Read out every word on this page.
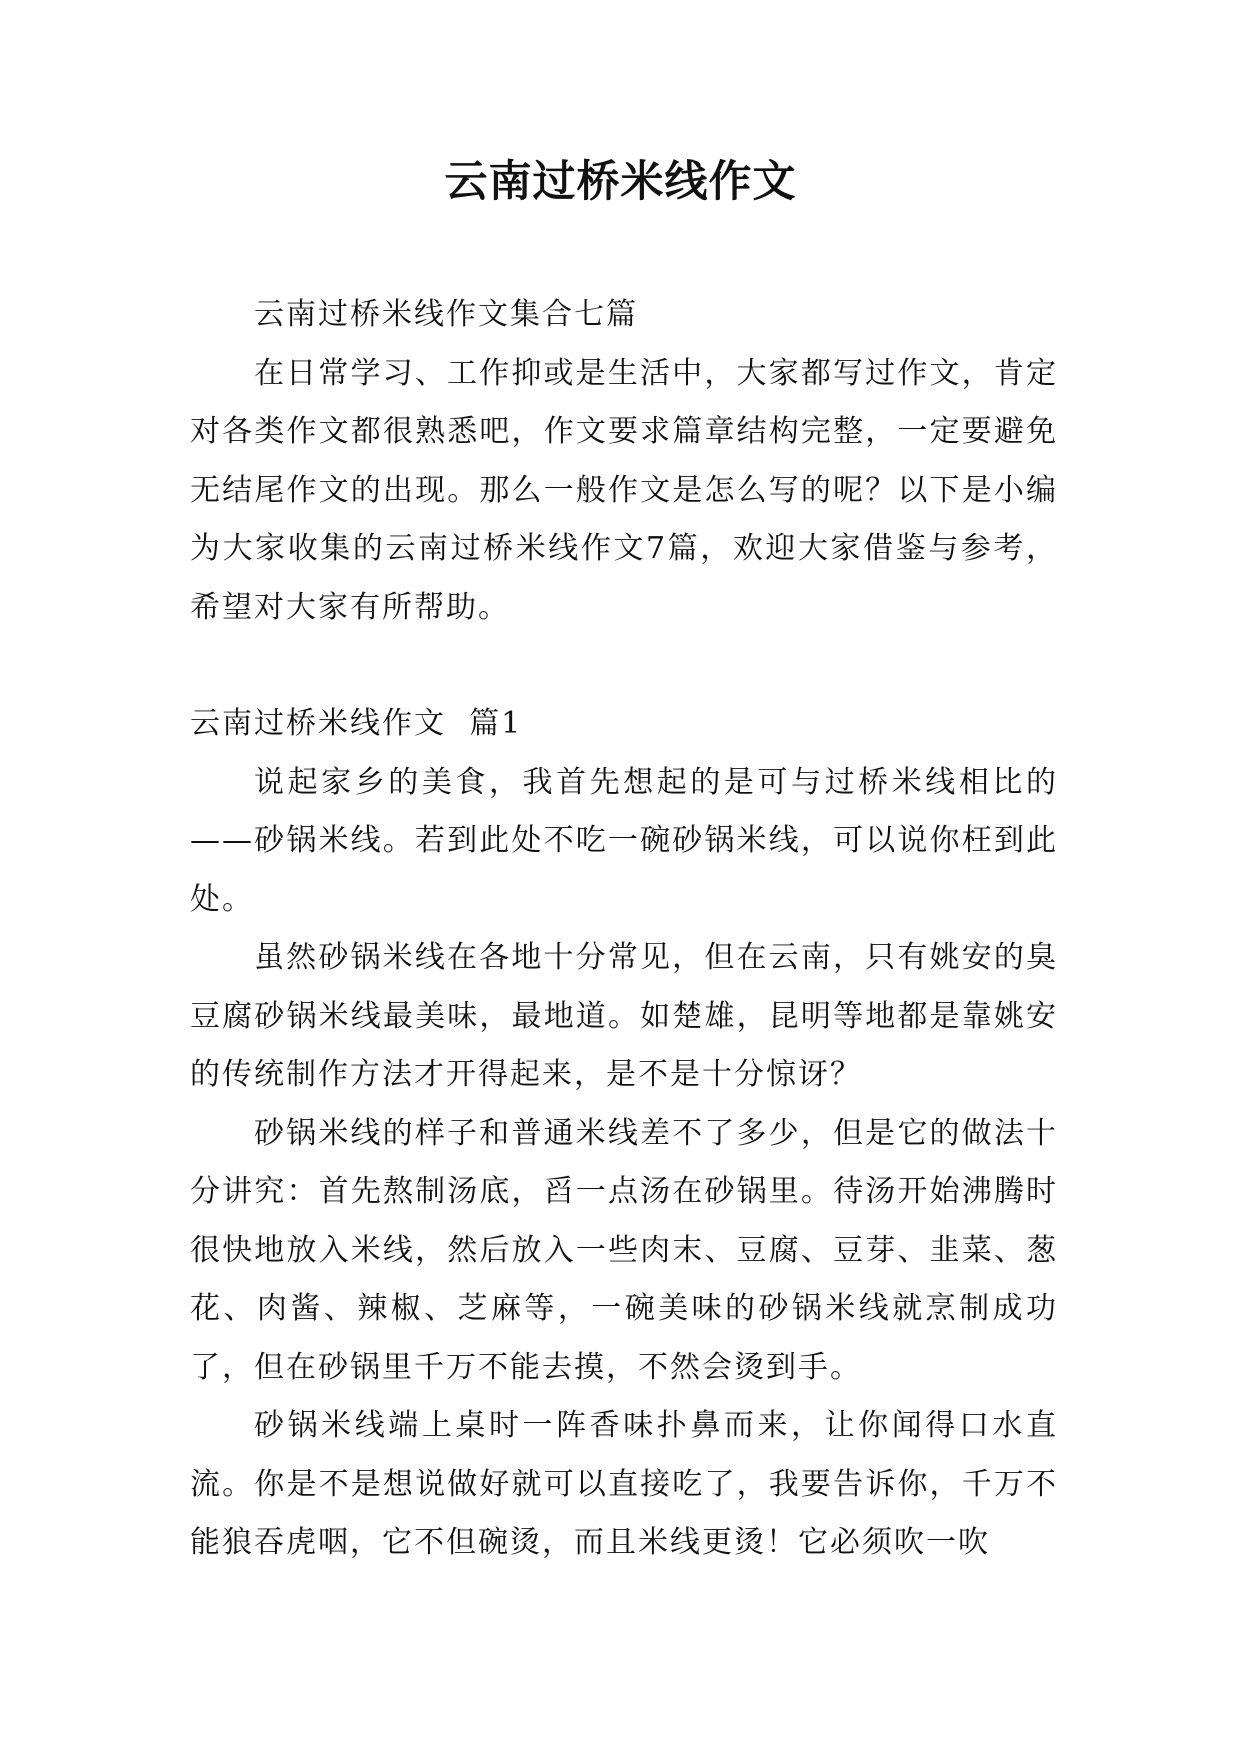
云南过桥米线作文

云南过桥米线作文集合七篇

在日常学习、工作抑或是生活中，大家都写过作文，肯定对各类作文都很熟悉吧，作文要求篇章结构完整，一定要避免无结尾作文的出现。那么一般作文是怎么写的呢？以下是小编为大家收集的云南过桥米线作文7篇，欢迎大家借鉴与参考，希望对大家有所帮助。

云南过桥米线作文  篇1

说起家乡的美食，我首先想起的是可与过桥米线相比的——砂锅米线。若到此处不吃一碗砂锅米线，可以说你枉到此处。

虽然砂锅米线在各地十分常见，但在云南，只有姚安的臭豆腐砂锅米线最美味，最地道。如楚雄，昆明等地都是靠姚安的传统制作方法才开得起来，是不是十分惊讶？

砂锅米线的样子和普通米线差不了多少，但是它的做法十分讲究：首先熬制汤底，舀一点汤在砂锅里。待汤开始沸腾时很快地放入米线，然后放入一些肉末、豆腐、豆芽、韭菜、葱花、肉酱、辣椒、芝麻等，一碗美味的砂锅米线就烹制成功了，但在砂锅里千万不能去摸，不然会烫到手。

砂锅米线端上桌时一阵香味扑鼻而来，让你闻得口水直流。你是不是想说做好就可以直接吃了，我要告诉你，千万不能狼吞虎咽，它不但碗烫，而且米线更烫！它必须吹一吹
